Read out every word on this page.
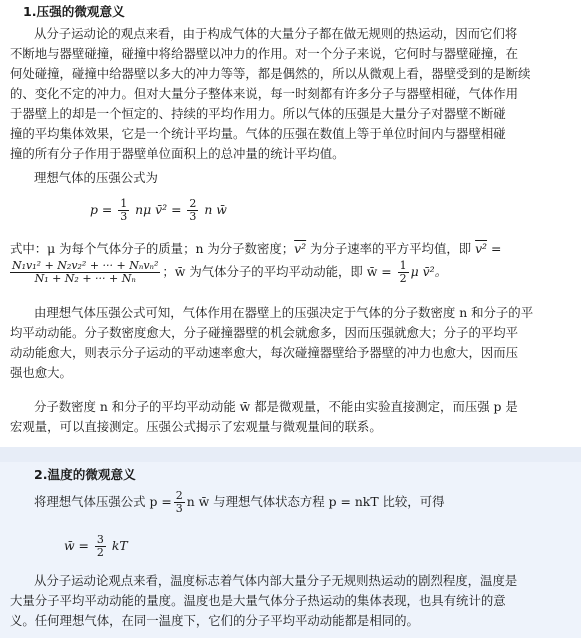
1.压强的微观意义
从分子运动论的观点来看，由于构成气体的大量分子都在做无规则的热运动，因而它们将
不断地与器壁碰撞，碰撞中将给器壁以冲力的作用。对一个分子来说，它何时与器壁碰撞，在
何处碰撞，碰撞中给器壁以多大的冲力等等，都是偶然的，所以从微观上看，器壁受到的是断续
的、变化不定的冲力。但对大量分子整体来说，每一时刻都有许多分子与器壁相碰，气体作用
于器壁上的却是一个恒定的、持续的平均作用力。所以气体的压强是大量分子对器壁不断碰
撞的平均集体效果，它是一个统计平均量。气体的压强在数值上等于单位时间内与器壁相碰
撞的所有分子作用于器壁单位面积上的总冲量的统计平均值。
理想气体的压强公式为
$p = \frac{1}{3}$ nμ v̄² = $\frac{2}{3}$ n w̄
式中：μ 为每个气体分子的质量；n 为分子数密度；v² 为分子速率的平方平均值，即 v² =
$\frac{\text{N₁v₁² + N₂v₂² + ··· + Nₙvₙ²}}{\text{N₁ + N₂ + ··· + Nₙ}}$ ；w̄ 为气体分子的平均平动动能，即 w̄ = $\frac{1}{2}$ μ v̄²。
由理想气体压强公式可知，气体作用在器壁上的压强决定于气体的分子数密度 n 和分子的平
均平动动能。分子数密度愈大，分子碰撞器壁的机会就愈多，因而压强就愈大；分子的平均平
动动能愈大，则表示分子运动的平动速率愈大，每次碰撞器壁给予器壁的冲力也愈大，因而压
强也愈大。
分子数密度 n 和分子的平均平动动能 w̄ 都是微观量，不能由实验直接测定，而压强 p 是
宏观量，可以直接测定。压强公式揭示了宏观量与微观量间的联系。
2.温度的微观意义
将理想气体压强公式 $p = \frac{2}{3}$ n w̄ 与理想气体状态方程 p = nkT 比较，可得
w̄ = $\frac{3}{2}$ kT
从分子运动论观点来看，温度标志着气体内部大量分子无规则热运动的剧烈程度，温度是
大量分子平均平动动能的量度。温度也是大量气体分子热运动的集体表现，也具有统计的意
义。任何理想气体，在同一温度下，它们的分子平均平动动能都是相同的。
